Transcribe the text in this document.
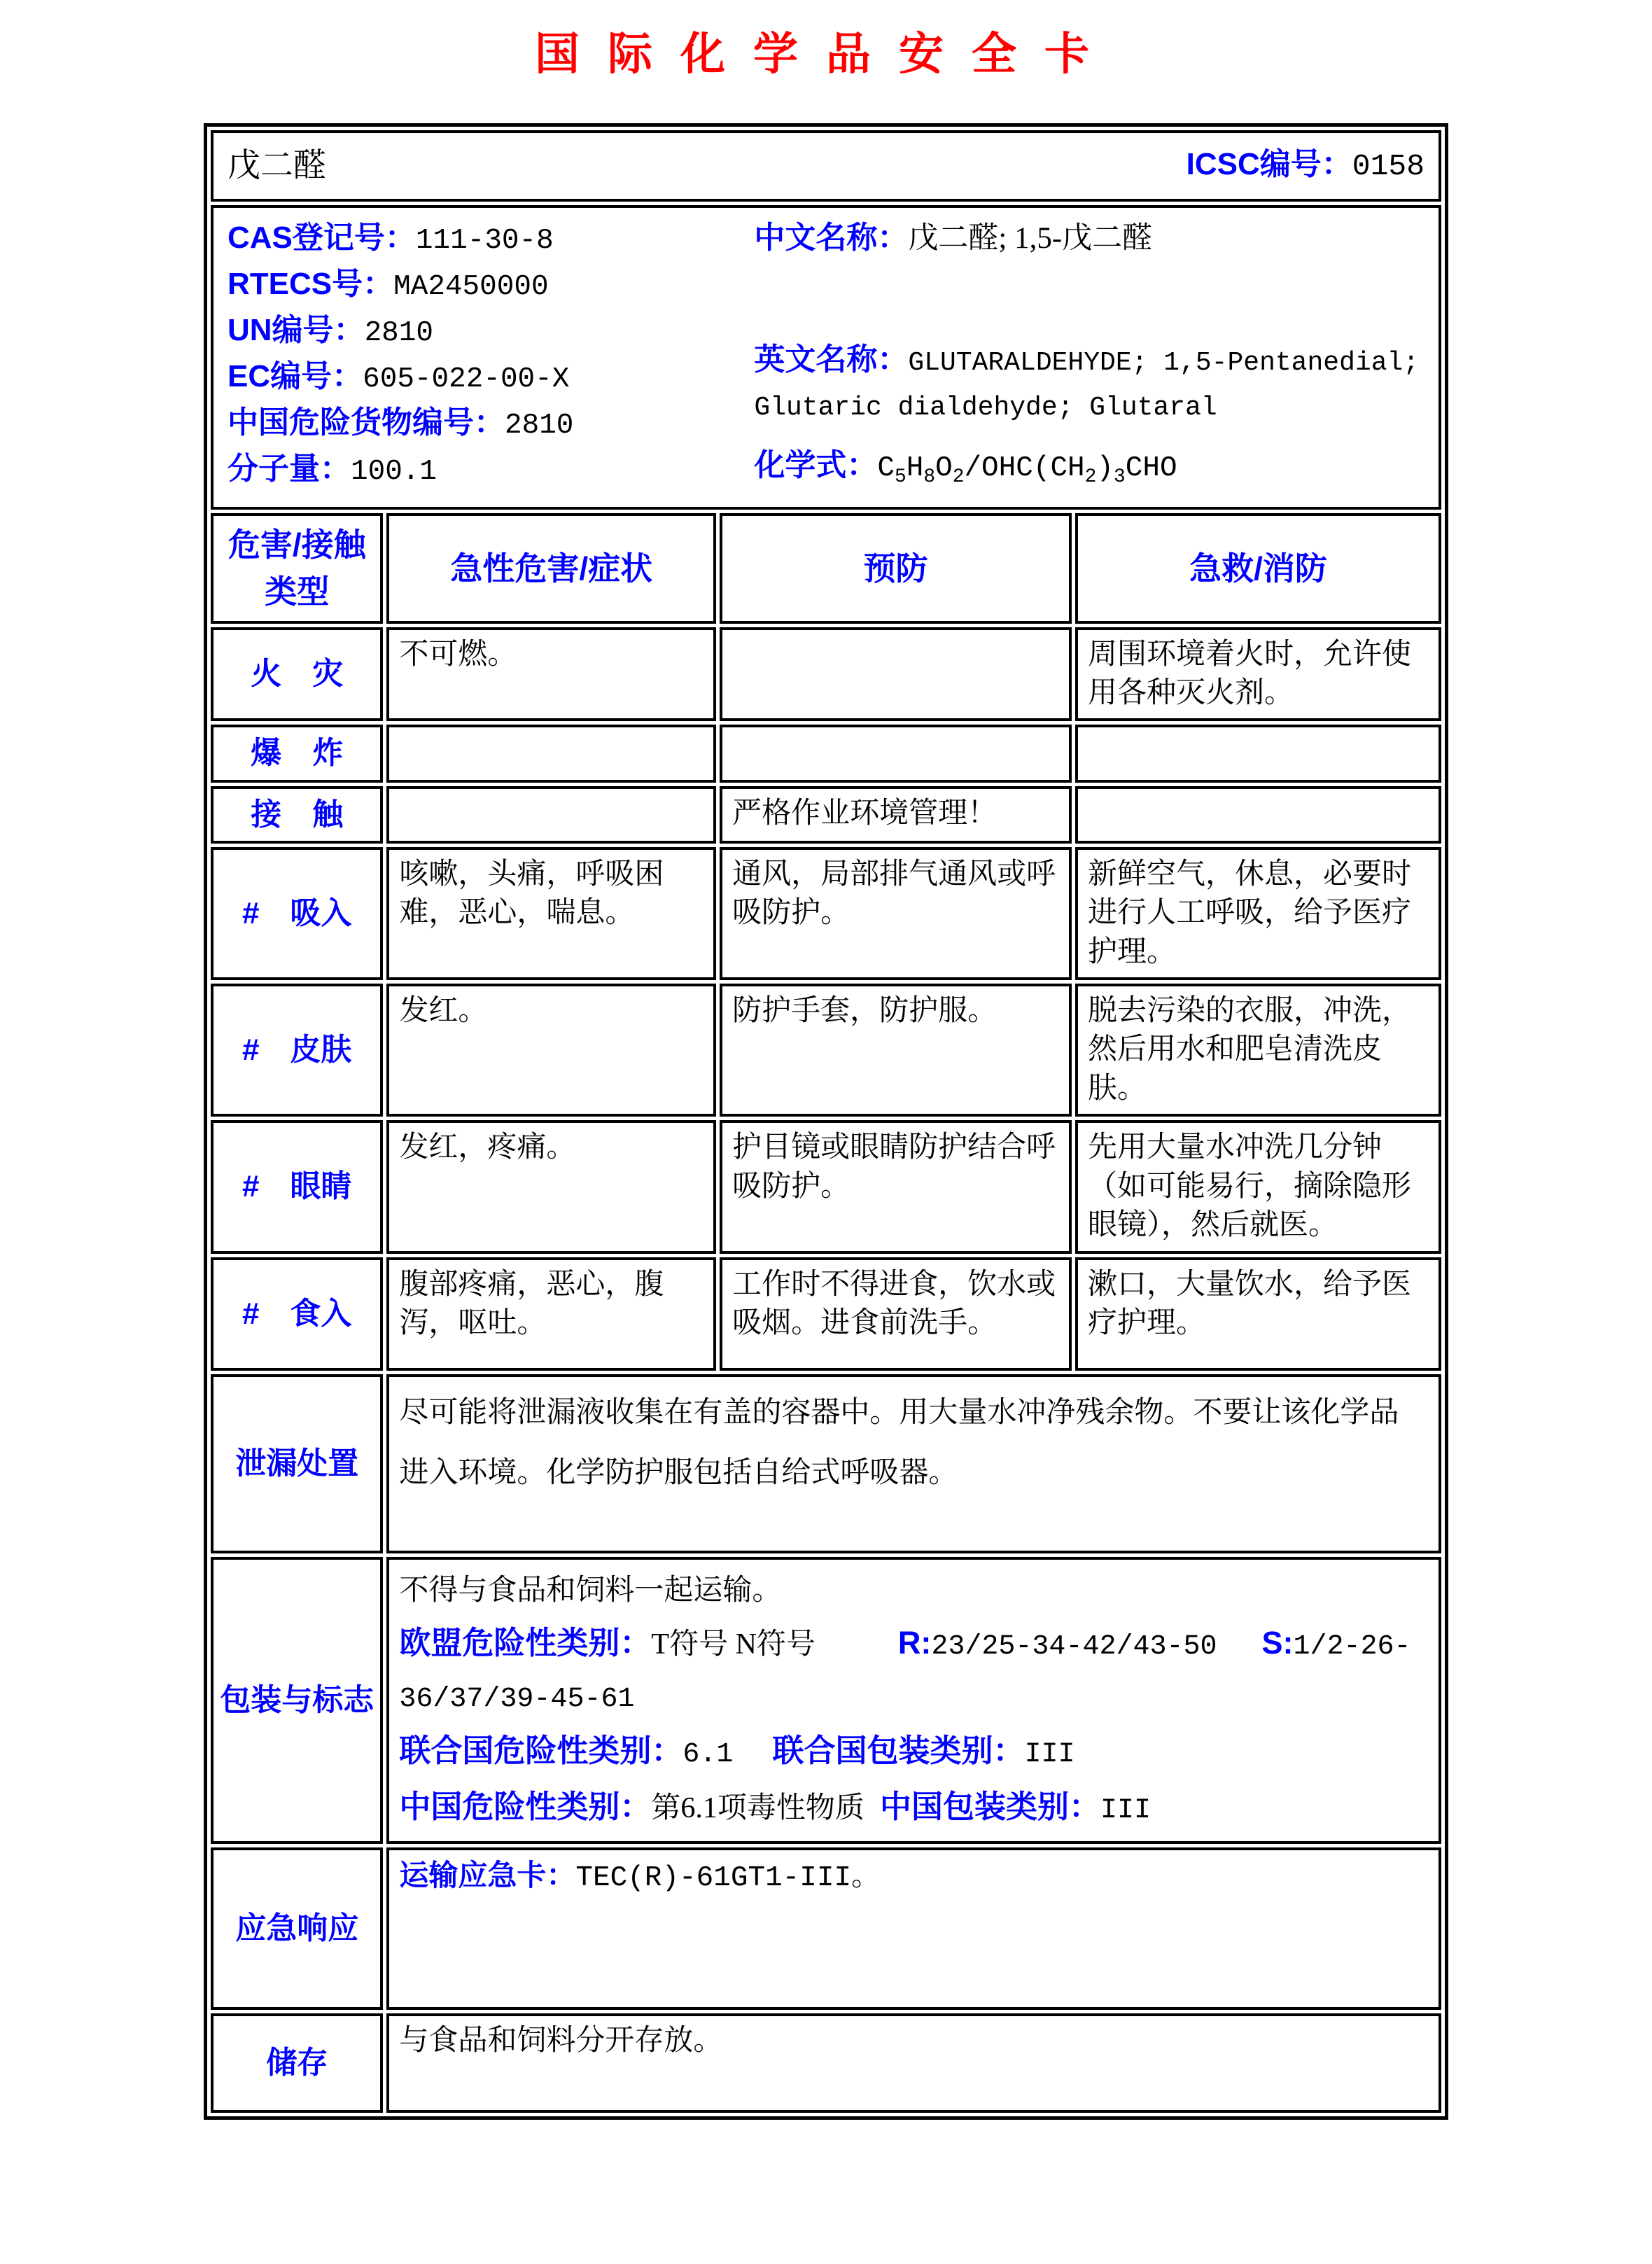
国际化学品安全卡
戊二醛 ICSC编号：0158			

CAS登记号：111-30-8
RTECS号：MA2450000
UN编号：2810
EC编号：605-022-00-X
中国危险货物编号：2810
分子量：100.1
中文名称：戊二醛; 1,5-戊二醛
英文名称：GLUTARALDEHYDE; 1,5-Pentanedial; Glutaric dialdehyde; Glutaral
化学式：$C_5H_8O_2/OHC(CH_2)_3CHO$

危害/接触类型	急性危害/症状	预防	急救/消防
火　灾	不可燃。		周围环境着火时，允许使用各种灭火剂。
爆　炸			
接　触		严格作业环境管理！	
#　吸入	咳嗽，头痛，呼吸困难，恶心，喘息。	通风，局部排气通风或呼吸防护。	新鲜空气，休息，必要时进行人工呼吸，给予医疗护理。
#　皮肤	发红。	防护手套，防护服。	脱去污染的衣服，冲洗，然后用水和肥皂清洗皮肤。
#　眼睛	发红，疼痛。	护目镜或眼睛防护结合呼吸防护。	先用大量水冲洗几分钟（如可能易行，摘除隐形眼镜），然后就医。
#　食入	腹部疼痛，恶心，腹泻，呕吐。	工作时不得进食，饮水或吸烟。进食前洗手。	漱口，大量饮水，给予医疗护理。
泄漏处置	尽可能将泄漏液收集在有盖的容器中。用大量水冲净残余物。不要让该化学品进入环境。化学防护服包括自给式呼吸器。		
包装与标志	不得与食品和饲料一起运输。
欧盟危险性类别：T符号 N符号 R:23/25-34-42/43-50 S:1/2-26-36/37/39-45-61
联合国危险性类别：6.1 联合国包装类别：III
中国危险性类别：第6.1项毒性物质 中国包装类别：III		

应急响应	运输应急卡：TEC(R)-61GT1-III。		
储存	与食品和饲料分开存放。		
